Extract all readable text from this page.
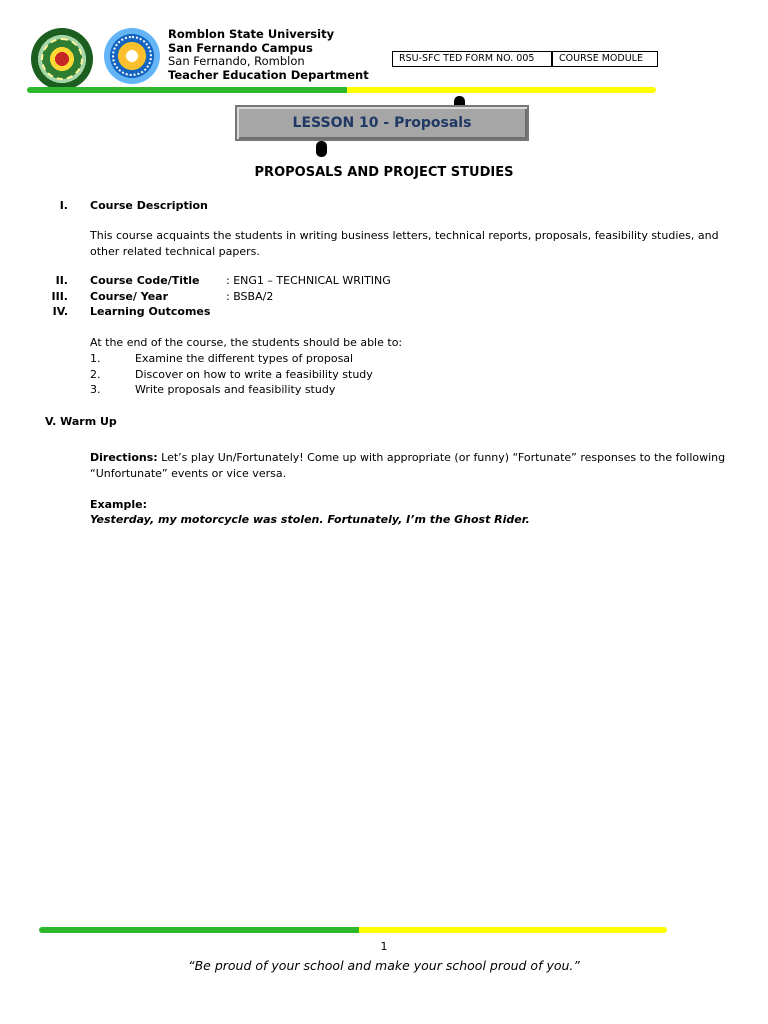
Romblon State University
San Fernando Campus
San Fernando, Romblon
Teacher Education Department
RSU-SFC TED FORM NO. 005	COURSE MODULE
LESSON 10 - Proposals
PROPOSALS AND PROJECT STUDIES
I. Course Description
This course acquaints the students in writing business letters, technical reports, proposals, feasibility studies, and other related technical papers.
II. Course Code/Title : ENG1 – TECHNICAL WRITING
III. Course/ Year	: BSBA/2
IV. Learning Outcomes
At the end of the course, the students should be able to:
1.	Examine the different types of proposal
2.	Discover on how to write a feasibility study
3.	Write proposals and feasibility study
V. Warm Up
Directions: Let’s play Un/Fortunately! Come up with appropriate (or funny) “Fortunate” responses to the following “Unfortunate” events or vice versa.
Example:
Yesterday, my motorcycle was stolen. Fortunately, I’m the Ghost Rider.
1
“Be proud of your school and make your school proud of you.”
